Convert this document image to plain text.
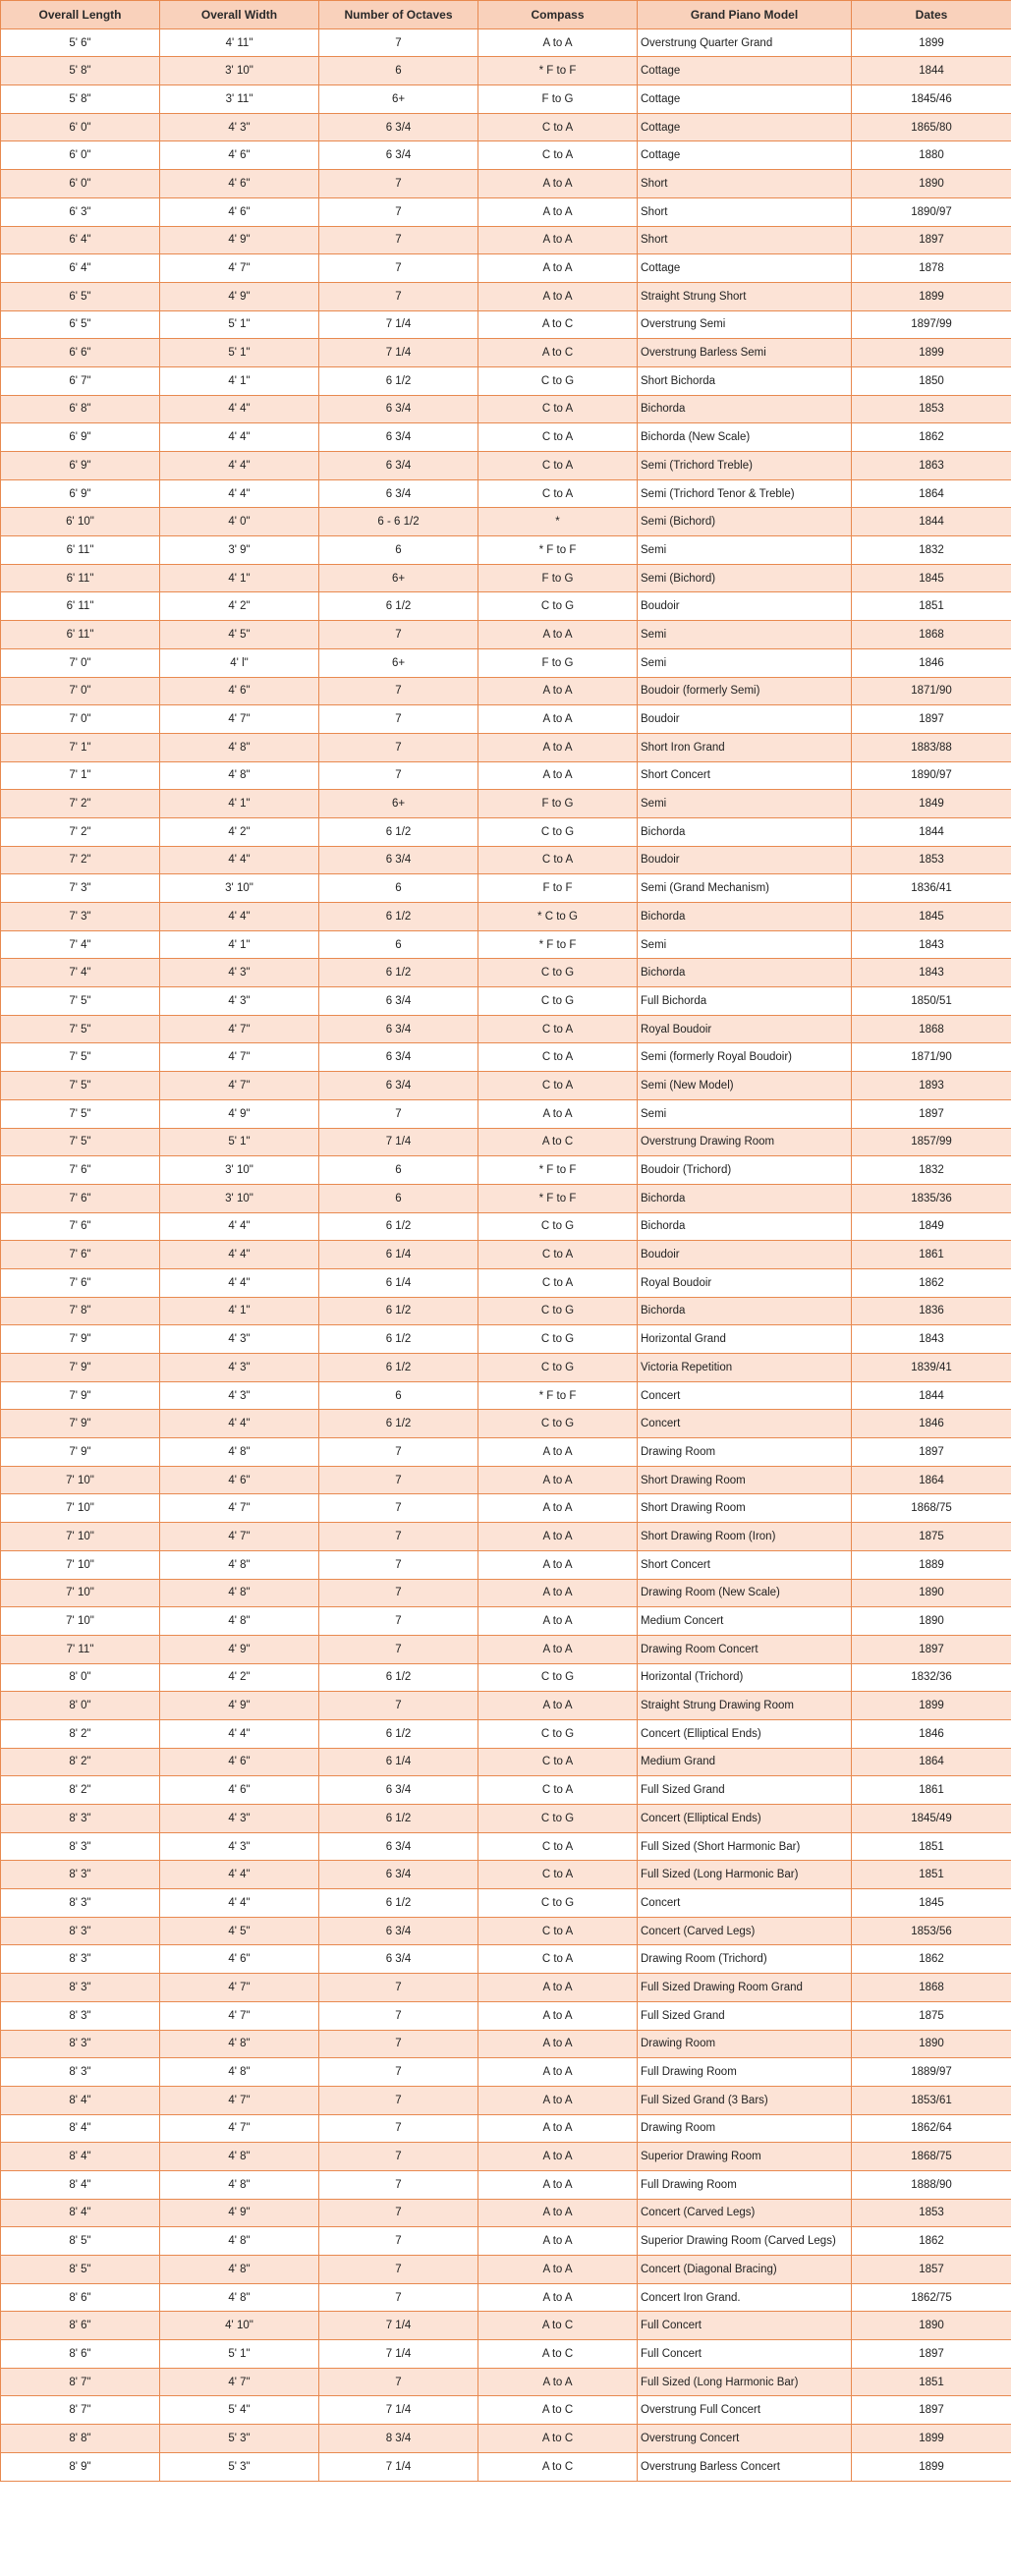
Overall Length	Overall Width	Number of Octaves	Compass	Grand Piano Model	Dates
5' 6"	4' 11"	7	A to A	Overstrung Quarter Grand	1899
5' 8"	3' 10"	6	* F to F	Cottage	1844
5' 8"	3' 11"	6+	F to G	Cottage	1845/46
6' 0"	4' 3"	6 3/4	C to A	Cottage	1865/80
6' 0"	4' 6"	6 3/4	C to A	Cottage	1880
6' 0"	4' 6"	7	A to A	Short	1890
6' 3"	4' 6"	7	A to A	Short	1890/97
6' 4"	4' 9"	7	A to A	Short	1897
6' 4"	4' 7"	7	A to A	Cottage	1878
6' 5"	4' 9"	7	A to A	Straight Strung Short	1899
6' 5"	5' 1"	7 1/4	A to C	Overstrung Semi	1897/99
6' 6"	5' 1"	7 1/4	A to C	Overstrung Barless Semi	1899
6' 7"	4' 1"	6 1/2	C to G	Short Bichorda	1850
6' 8"	4' 4"	6 3/4	C to A	Bichorda	1853
6' 9"	4' 4"	6 3/4	C to A	Bichorda (New Scale)	1862
6' 9"	4' 4"	6 3/4	C to A	Semi (Trichord Treble)	1863
6' 9"	4' 4"	6 3/4	C to A	Semi (Trichord Tenor & Treble)	1864
6' 10"	4' 0"	6 - 6 1/2	*	Semi (Bichord)	1844
6' 11"	3' 9"	6	* F to F	Semi	1832
6' 11"	4' 1"	6+	F to G	Semi (Bichord)	1845
6' 11"	4' 2"	6 1/2	C to G	Boudoir	1851
6' 11"	4' 5"	7	A to A	Semi	1868
7' 0"	4' l"	6+	F to G	Semi	1846
7' 0"	4' 6"	7	A to A	Boudoir (formerly Semi)	1871/90
7' 0"	4' 7"	7	A to A	Boudoir	1897
7' 1"	4' 8"	7	A to A	Short Iron Grand	1883/88
7' 1"	4' 8"	7	A to A	Short Concert	1890/97
7' 2"	4' 1"	6+	F to G	Semi	1849
7' 2"	4' 2"	6 1/2	C to G	Bichorda	1844
7' 2"	4' 4"	6 3/4	C to A	Boudoir	1853
7' 3"	3' 10"	6	F to F	Semi (Grand Mechanism)	1836/41
7' 3"	4' 4"	6 1/2	* C to G	Bichorda	1845
7' 4"	4' 1"	6	* F to F	Semi	1843
7' 4"	4' 3"	6 1/2	C to G	Bichorda	1843
7' 5"	4' 3"	6 3/4	C to G	Full Bichorda	1850/51
7' 5"	4' 7"	6 3/4	C to A	Royal Boudoir	1868
7' 5"	4' 7"	6 3/4	C to A	Semi (formerly Royal Boudoir)	1871/90
7' 5"	4' 7"	6 3/4	C to A	Semi (New Model)	1893
7' 5"	4' 9"	7	A to A	Semi	1897
7' 5"	5' 1"	7 1/4	A to C	Overstrung Drawing Room	1857/99
7' 6"	3' 10"	6	* F to F	Boudoir (Trichord)	1832
7' 6"	3' 10"	6	* F to F	Bichorda	1835/36
7' 6"	4' 4"	6 1/2	C to G	Bichorda	1849
7' 6"	4' 4"	6 1/4	C to A	Boudoir	1861
7' 6"	4' 4"	6 1/4	C to A	Royal Boudoir	1862
7' 8"	4' 1"	6 1/2	C to G	Bichorda	1836
7' 9"	4' 3"	6 1/2	C to G	Horizontal Grand	1843
7' 9"	4' 3"	6 1/2	C to G	Victoria Repetition	1839/41
7' 9"	4' 3"	6	* F to F	Concert	1844
7' 9"	4' 4"	6 1/2	C to G	Concert	1846
7' 9"	4' 8"	7	A to A	Drawing Room	1897
7' 10"	4' 6"	7	A to A	Short Drawing Room	1864
7' 10"	4' 7"	7	A to A	Short Drawing Room	1868/75
7' 10"	4' 7"	7	A to A	Short Drawing Room (Iron)	1875
7' 10"	4' 8"	7	A to A	Short Concert	1889
7' 10"	4' 8"	7	A to A	Drawing Room (New Scale)	1890
7' 10"	4' 8"	7	A to A	Medium Concert	1890
7' 11"	4' 9"	7	A to A	Drawing Room Concert	1897
8' 0"	4' 2"	6 1/2	C to G	Horizontal (Trichord)	1832/36
8' 0"	4' 9"	7	A to A	Straight Strung Drawing Room	1899
8' 2"	4' 4"	6 1/2	C to G	Concert (Elliptical Ends)	1846
8' 2"	4' 6"	6 1/4	C to A	Medium Grand	1864
8' 2"	4' 6"	6 3/4	C to A	Full Sized Grand	1861
8' 3"	4' 3"	6 1/2	C to G	Concert (Elliptical Ends)	1845/49
8' 3"	4' 3"	6 3/4	C to A	Full Sized (Short Harmonic Bar)	1851
8' 3"	4' 4"	6 3/4	C to A	Full Sized (Long Harmonic Bar)	1851
8' 3"	4' 4"	6 1/2	C to G	Concert	1845
8' 3"	4' 5"	6 3/4	C to A	Concert (Carved Legs)	1853/56
8' 3"	4' 6"	6 3/4	C to A	Drawing Room (Trichord)	1862
8' 3"	4' 7"	7	A to A	Full Sized Drawing Room Grand	1868
8' 3"	4' 7"	7	A to A	Full Sized Grand	1875
8' 3"	4' 8"	7	A to A	Drawing Room	1890
8' 3"	4' 8"	7	A to A	Full Drawing Room	1889/97
8' 4"	4' 7"	7	A to A	Full Sized Grand (3 Bars)	1853/61
8' 4"	4' 7"	7	A to A	Drawing Room	1862/64
8' 4"	4' 8"	7	A to A	Superior Drawing Room	1868/75
8' 4"	4' 8"	7	A to A	Full Drawing Room	1888/90
8' 4"	4' 9"	7	A to A	Concert (Carved Legs)	1853
8' 5"	4' 8"	7	A to A	Superior Drawing Room (Carved Legs)	1862
8' 5"	4' 8"	7	A to A	Concert (Diagonal Bracing)	1857
8' 6"	4' 8"	7	A to A	Concert Iron Grand.	1862/75
8' 6"	4' 10"	7 1/4	A to C	Full Concert	1890
8' 6"	5' 1"	7 1/4	A to C	Full Concert	1897
8' 7"	4' 7"	7	A to A	Full Sized (Long Harmonic Bar)	1851
8' 7"	5' 4"	7 1/4	A to C	Overstrung Full Concert	1897
8' 8"	5' 3"	8 3/4	A to C	Overstrung Concert	1899
8' 9"	5' 3"	7 1/4	A to C	Overstrung Barless Concert	1899
